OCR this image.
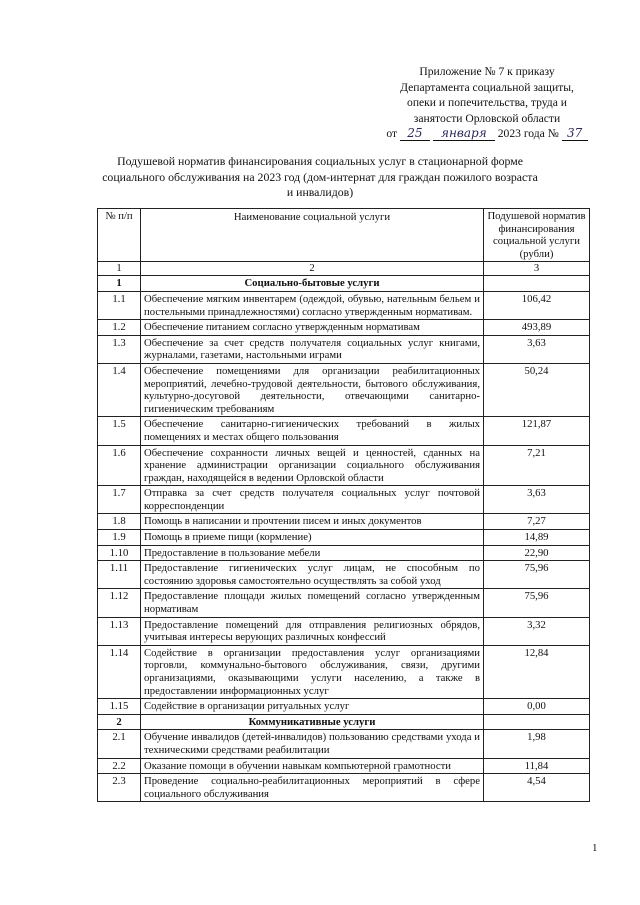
Приложение № 7 к приказу
Департамента социальной защиты,
опеки и попечительства, труда и
занятости Орловской области
от 25 января 2023 года № 37
Подушевой норматив финансирования социальных услуг в стационарной форме социального обслуживания на 2023 год (дом-интернат для граждан пожилого возраста и инвалидов)
№ п/п	Наименование социальной услуги	Подушевой норматив финансирования социальной услуги (рубли)
1	2	3
1	Социально-бытовые услуги	
1.1	Обеспечение мягким инвентарем (одеждой, обувью, нательным бельем и постельными принадлежностями) согласно утвержденным нормативам.	106,42
1.2	Обеспечение питанием согласно утвержденным нормативам	493,89
1.3	Обеспечение за счет средств получателя социальных услуг книгами, журналами, газетами, настольными играми	3,63
1.4	Обеспечение помещениями для организации реабилитационных мероприятий, лечебно-трудовой деятельности, бытового обслуживания, культурно-досуговой деятельности, отвечающими санитарно-гигиеническим требованиям	50,24
1.5	Обеспечение санитарно-гигиенических требований в жилых помещениях и местах общего пользования	121,87
1.6	Обеспечение сохранности личных вещей и ценностей, сданных на хранение администрации организации социального обслуживания граждан, находящейся в ведении Орловской области	7,21
1.7	Отправка за счет средств получателя социальных услуг почтовой корреспонденции	3,63
1.8	Помощь в написании и прочтении писем и иных документов	7,27
1.9	Помощь в приеме пищи (кормление)	14,89
1.10	Предоставление в пользование мебели	22,90
1.11	Предоставление гигиенических услуг лицам, не способным по состоянию здоровья самостоятельно осуществлять за собой уход	75,96
1.12	Предоставление площади жилых помещений согласно утвержденным нормативам	75,96
1.13	Предоставление помещений для отправления религиозных обрядов, учитывая интересы верующих различных конфессий	3,32
1.14	Содействие в организации предоставления услуг организациями торговли, коммунально-бытового обслуживания, связи, другими организациями, оказывающими услуги населению, а также в предоставлении информационных услуг	12,84
1.15	Содействие в организации ритуальных услуг	0,00
2	Коммуникативные услуги	
2.1	Обучение инвалидов (детей-инвалидов) пользованию средствами ухода и техническими средствами реабилитации	1,98
2.2	Оказание помощи в обучении навыкам компьютерной грамотности	11,84
2.3	Проведение социально-реабилитационных мероприятий в сфере социального обслуживания	4,54
1
